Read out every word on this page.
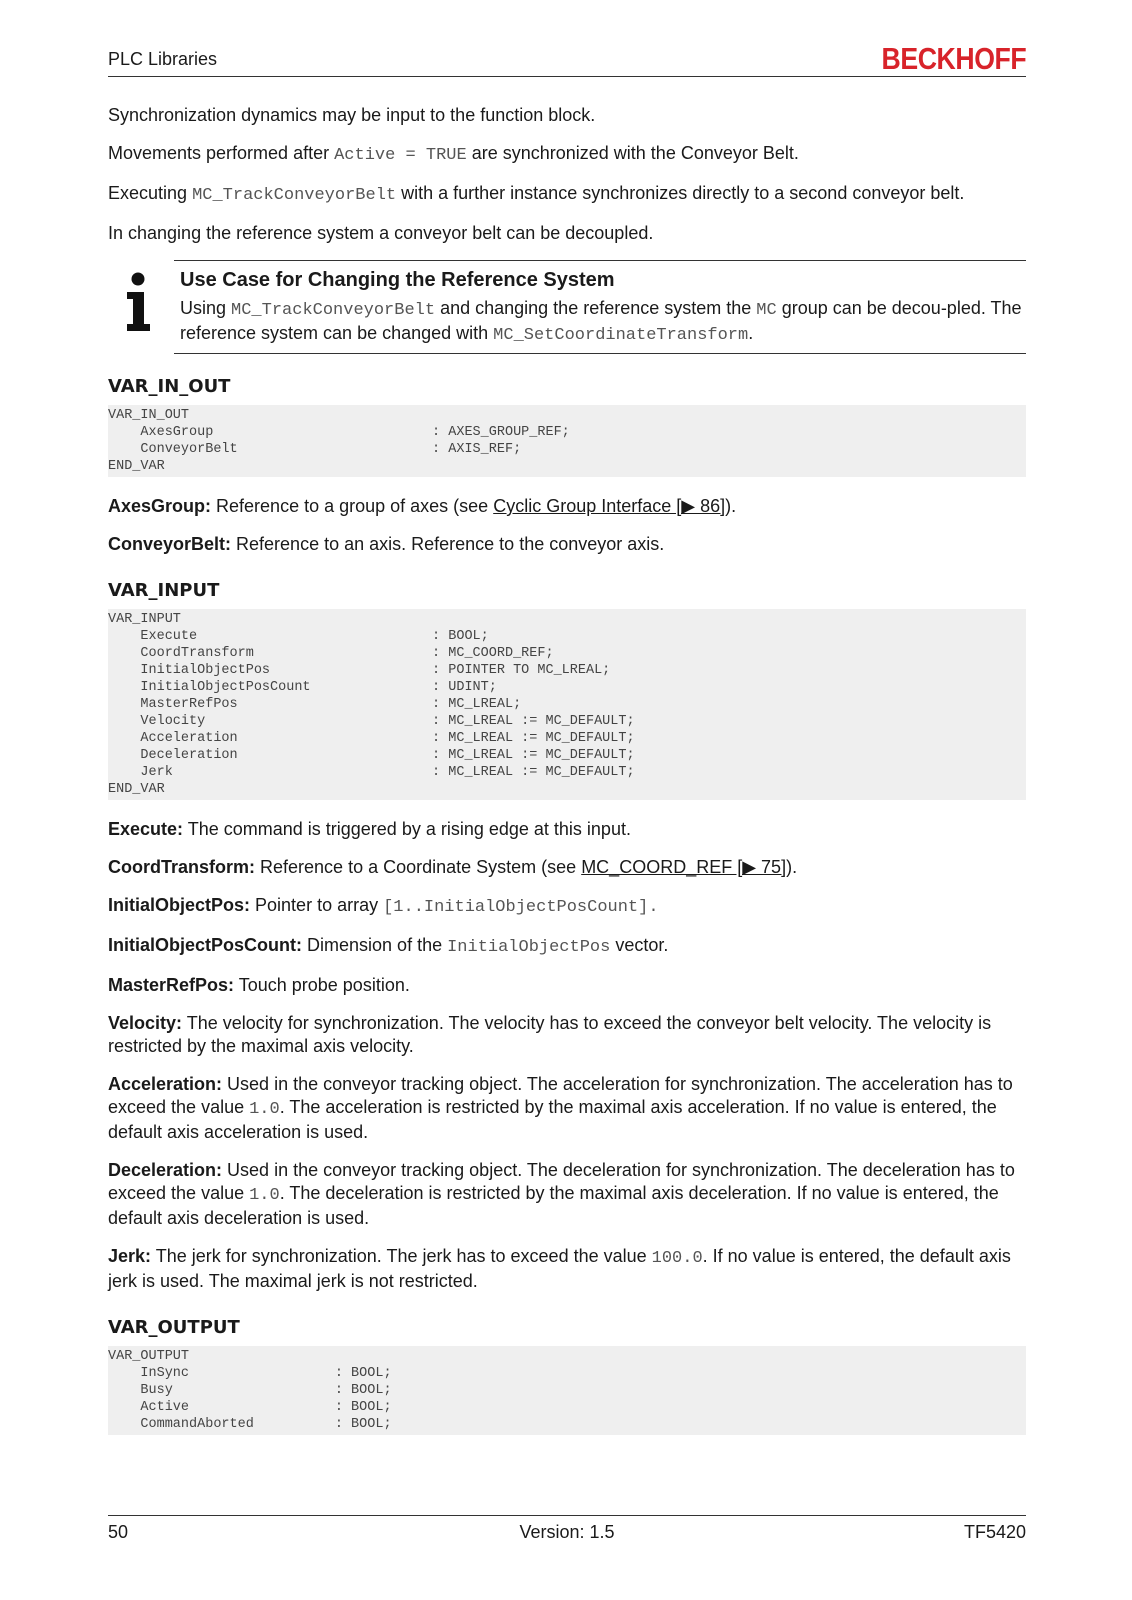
PLC Libraries	BECKHOFF

Synchronization dynamics may be input to the function block.

Movements performed after Active = TRUE are synchronized with the Conveyor Belt.

Executing MC_TrackConveyorBelt with a further instance synchronizes directly to a second conveyor belt.

In changing the reference system a conveyor belt can be decoupled.

Use Case for Changing the Reference System
Using MC_TrackConveyorBelt and changing the reference system the MC group can be decou-pled. The reference system can be changed with MC_SetCoordinateTransform.
VAR_IN_OUT
VAR_IN_OUT
AxesGroup                           : AXES_GROUP_REF;
ConveyorBelt                        : AXIS_REF;
END_VAR

AxesGroup: Reference to a group of axes (see Cyclic Group Interface [▶ 86]).

ConveyorBelt: Reference to an axis. Reference to the conveyor axis.

VAR_INPUT
VAR_INPUT
Execute                             : BOOL;
CoordTransform                      : MC_COORD_REF;
InitialObjectPos                    : POINTER TO MC_LREAL;
InitialObjectPosCount               : UDINT;
MasterRefPos                        : MC_LREAL;
Velocity                            : MC_LREAL := MC_DEFAULT;
Acceleration                        : MC_LREAL := MC_DEFAULT;
Deceleration                        : MC_LREAL := MC_DEFAULT;
Jerk                                : MC_LREAL := MC_DEFAULT;
END_VAR

Execute: The command is triggered by a rising edge at this input.

CoordTransform: Reference to a Coordinate System (see MC_COORD_REF [▶ 75]).

InitialObjectPos: Pointer to array [1..InitialObjectPosCount].

InitialObjectPosCount: Dimension of the InitialObjectPos vector.

MasterRefPos: Touch probe position.

Velocity: The velocity for synchronization. The velocity has to exceed the conveyor belt velocity. The velocity is restricted by the maximal axis velocity.

Acceleration: Used in the conveyor tracking object. The acceleration for synchronization. The acceleration has to exceed the value 1.0. The acceleration is restricted by the maximal axis acceleration. If no value is entered, the default axis acceleration is used.

Deceleration: Used in the conveyor tracking object. The deceleration for synchronization. The deceleration has to exceed the value 1.0. The deceleration is restricted by the maximal axis deceleration. If no value is entered, the default axis deceleration is used.

Jerk: The jerk for synchronization. The jerk has to exceed the value 100.0. If no value is entered, the default axis jerk is used. The maximal jerk is not restricted.

VAR_OUTPUT
VAR_OUTPUT
InSync                  : BOOL;
Busy                    : BOOL;
Active                  : BOOL;
CommandAborted          : BOOL;
50	Version: 1.5	TF5420
